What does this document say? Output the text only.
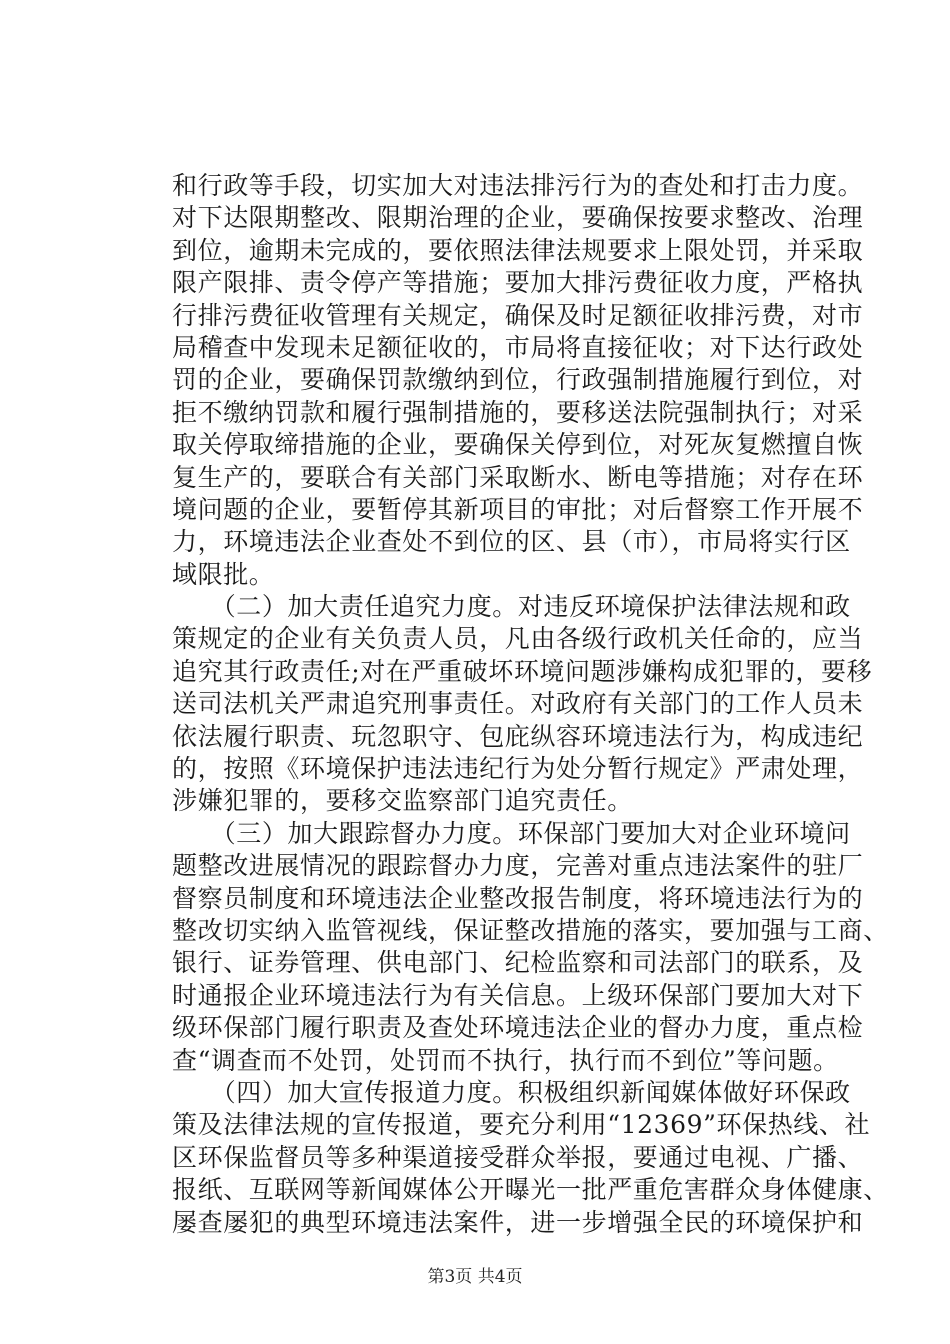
和行政等手段，切实加大对违法排污行为的查处和打击力度。
对下达限期整改、限期治理的企业，要确保按要求整改、治理
到位，逾期未完成的，要依照法律法规要求上限处罚，并采取
限产限排、责令停产等措施；要加大排污费征收力度，严格执
行排污费征收管理有关规定，确保及时足额征收排污费，对市
局稽查中发现未足额征收的，市局将直接征收；对下达行政处
罚的企业，要确保罚款缴纳到位，行政强制措施履行到位，对
拒不缴纳罚款和履行强制措施的，要移送法院强制执行；对采
取关停取缔措施的企业，要确保关停到位，对死灰复燃擅自恢
复生产的，要联合有关部门采取断水、断电等措施；对存在环
境问题的企业，要暂停其新项目的审批；对后督察工作开展不
力，环境违法企业查处不到位的区、县（市），市局将实行区
域限批。
　　（二）加大责任追究力度。对违反环境保护法律法规和政
策规定的企业有关负责人员，凡由各级行政机关任命的，应当
追究其行政责任;对在严重破坏环境问题涉嫌构成犯罪的，要移
送司法机关严肃追究刑事责任。对政府有关部门的工作人员未
依法履行职责、玩忽职守、包庇纵容环境违法行为，构成违纪
的，按照《环境保护违法违纪行为处分暂行规定》严肃处理，
涉嫌犯罪的，要移交监察部门追究责任。
　　（三）加大跟踪督办力度。环保部门要加大对企业环境问
题整改进展情况的跟踪督办力度，完善对重点违法案件的驻厂
督察员制度和环境违法企业整改报告制度，将环境违法行为的
整改切实纳入监管视线，保证整改措施的落实，要加强与工商、
银行、证券管理、供电部门、纪检监察和司法部门的联系，及
时通报企业环境违法行为有关信息。上级环保部门要加大对下
级环保部门履行职责及查处环境违法企业的督办力度，重点检
查“调查而不处罚，处罚而不执行，执行而不到位”等问题。
　　（四）加大宣传报道力度。积极组织新闻媒体做好环保政
策及法律法规的宣传报道，要充分利用“12369”环保热线、社
区环保监督员等多种渠道接受群众举报，要通过电视、广播、
报纸、互联网等新闻媒体公开曝光一批严重危害群众身体健康、
屡查屡犯的典型环境违法案件，进一步增强全民的环境保护和
第3页 共4页
